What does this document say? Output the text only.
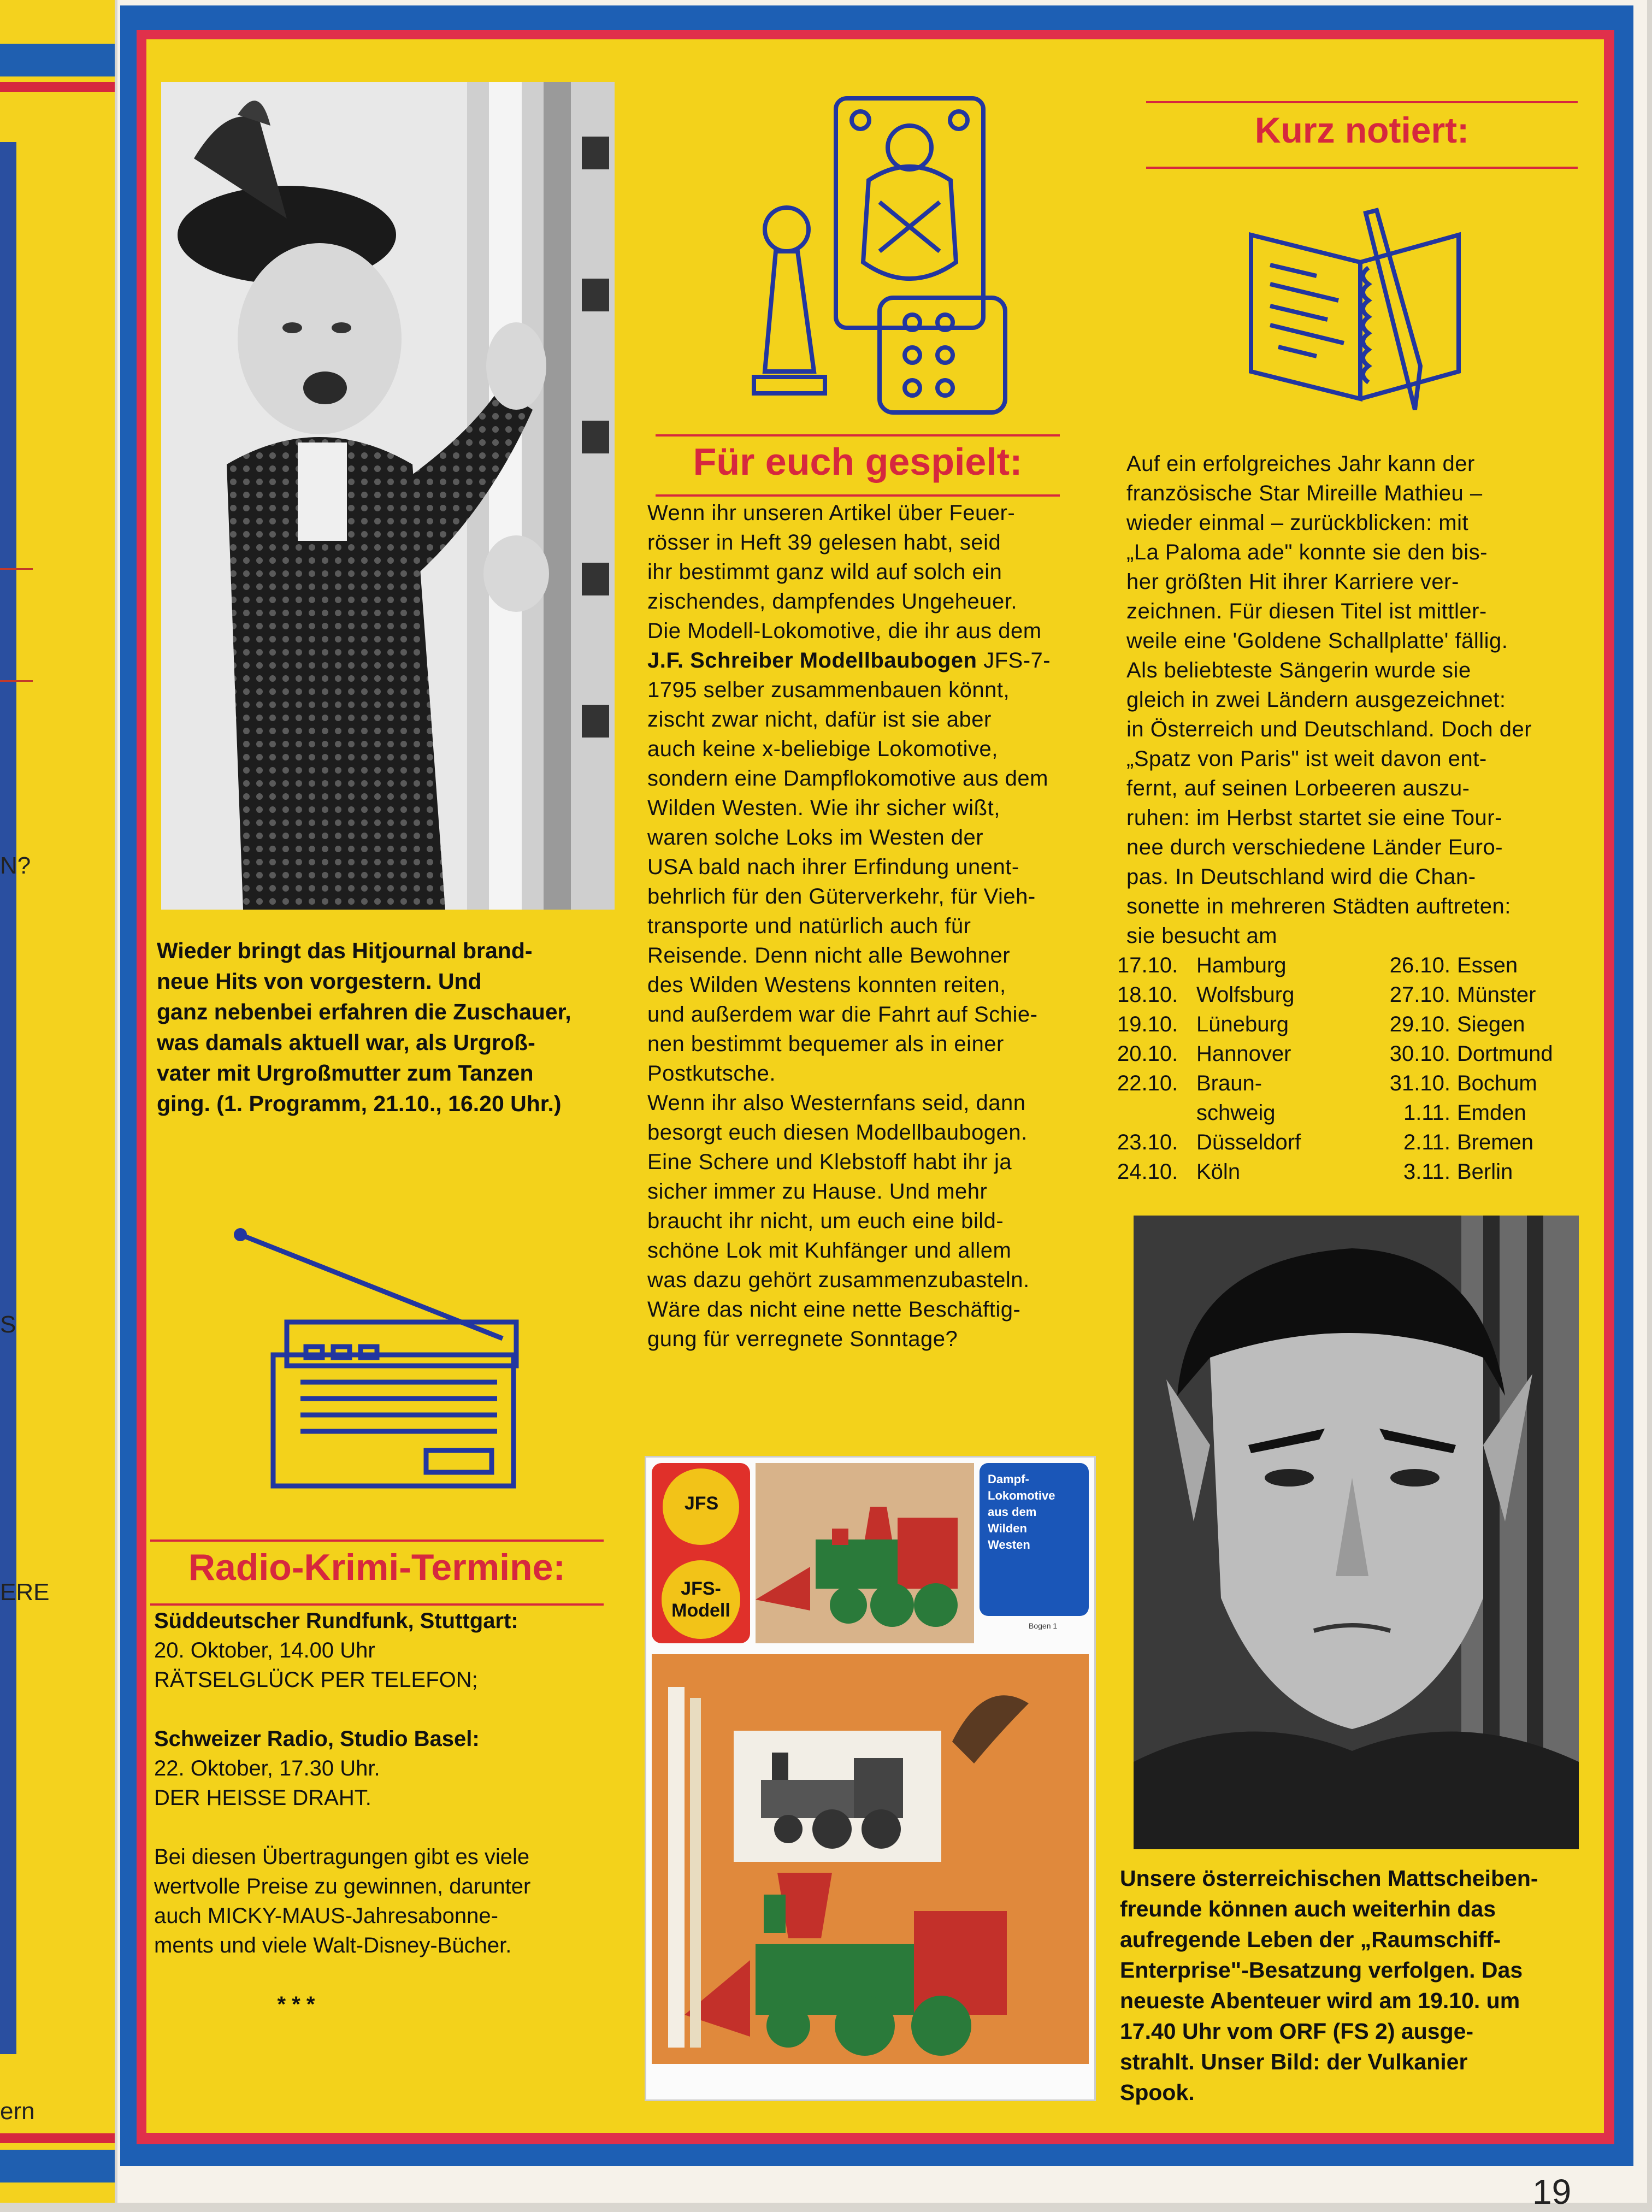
N?
S
ERE
ern
19
Wieder bringt das Hitjournal brand-
neue Hits von vorgestern. Und
ganz nebenbei erfahren die Zuschauer,
was damals aktuell war, als Urgroß-
vater mit Urgroßmutter zum Tanzen
ging. (1. Programm, 21.10., 16.20 Uhr.)
Radio-Krimi-Termine:
Süddeutscher Rundfunk, Stuttgart:
20. Oktober, 14.00 Uhr
RÄTSELGLÜCK PER TELEFON;
Schweizer Radio, Studio Basel:
22. Oktober, 17.30 Uhr.
DER HEISSE DRAHT.
Bei diesen Übertragungen gibt es viele
wertvolle Preise zu gewinnen, darunter
auch MICKY-MAUS-Jahresabonne-
ments und viele Walt-Disney-Bücher.
* * *
Für euch gespielt:
Wenn ihr unseren Artikel über Feuer-
rösser in Heft 39 gelesen habt, seid
ihr bestimmt ganz wild auf solch ein
zischendes, dampfendes Ungeheuer.
Die Modell-Lokomotive, die ihr aus dem
J.F. Schreiber Modellbaubogen JFS-7-
1795 selber zusammenbauen könnt,
zischt zwar nicht, dafür ist sie aber
auch keine x-beliebige Lokomotive,
sondern eine Dampflokomotive aus dem
Wilden Westen. Wie ihr sicher wißt,
waren solche Loks im Westen der
USA bald nach ihrer Erfindung unent-
behrlich für den Güterverkehr, für Vieh-
transporte und natürlich auch für
Reisende. Denn nicht alle Bewohner
des Wilden Westens konnten reiten,
und außerdem war die Fahrt auf Schie-
nen bestimmt bequemer als in einer
Postkutsche.
Wenn ihr also Westernfans seid, dann
besorgt euch diesen Modellbaubogen.
Eine Schere und Klebstoff habt ihr ja
sicher immer zu Hause. Und mehr
braucht ihr nicht, um euch eine bild-
schöne Lok mit Kuhfänger und allem
was dazu gehört zusammenzubasteln.
Wäre das nicht eine nette Beschäftig-
gung für verregnete Sonntage?
JFS
JFS-Modell
Dampf-
Lokomotive
aus dem
Wilden
Westen
Bogen 1
Kurz notiert:
Auf ein erfolgreiches Jahr kann der
französische Star Mireille Mathieu –
wieder einmal – zurückblicken: mit
„La Paloma ade" konnte sie den bis-
her größten Hit ihrer Karriere ver-
zeichnen. Für diesen Titel ist mittler-
weile eine 'Goldene Schallplatte' fällig.
Als beliebteste Sängerin wurde sie
gleich in zwei Ländern ausgezeichnet:
in Österreich und Deutschland. Doch der
„Spatz von Paris" ist weit davon ent-
fernt, auf seinen Lorbeeren auszu-
ruhen: im Herbst startet sie eine Tour-
nee durch verschiedene Länder Euro-
pas. In Deutschland wird die Chan-
sonette in mehreren Städten auftreten:
sie besucht am
17.10. Hamburg
18.10. Wolfsburg
19.10. Lüneburg
20.10. Hannover
22.10. Braun-
schweig
23.10. Düsseldorf
24.10. Köln
26.10. Essen
27.10. Münster
29.10. Siegen
30.10. Dortmund
31.10. Bochum
1.11. Emden
2.11. Bremen
3.11. Berlin
Unsere österreichischen Mattscheiben-
freunde können auch weiterhin das
aufregende Leben der „Raumschiff-
Enterprise"-Besatzung verfolgen. Das
neueste Abenteuer wird am 19.10. um
17.40 Uhr vom ORF (FS 2) ausge-
strahlt. Unser Bild: der Vulkanier
Spook.
